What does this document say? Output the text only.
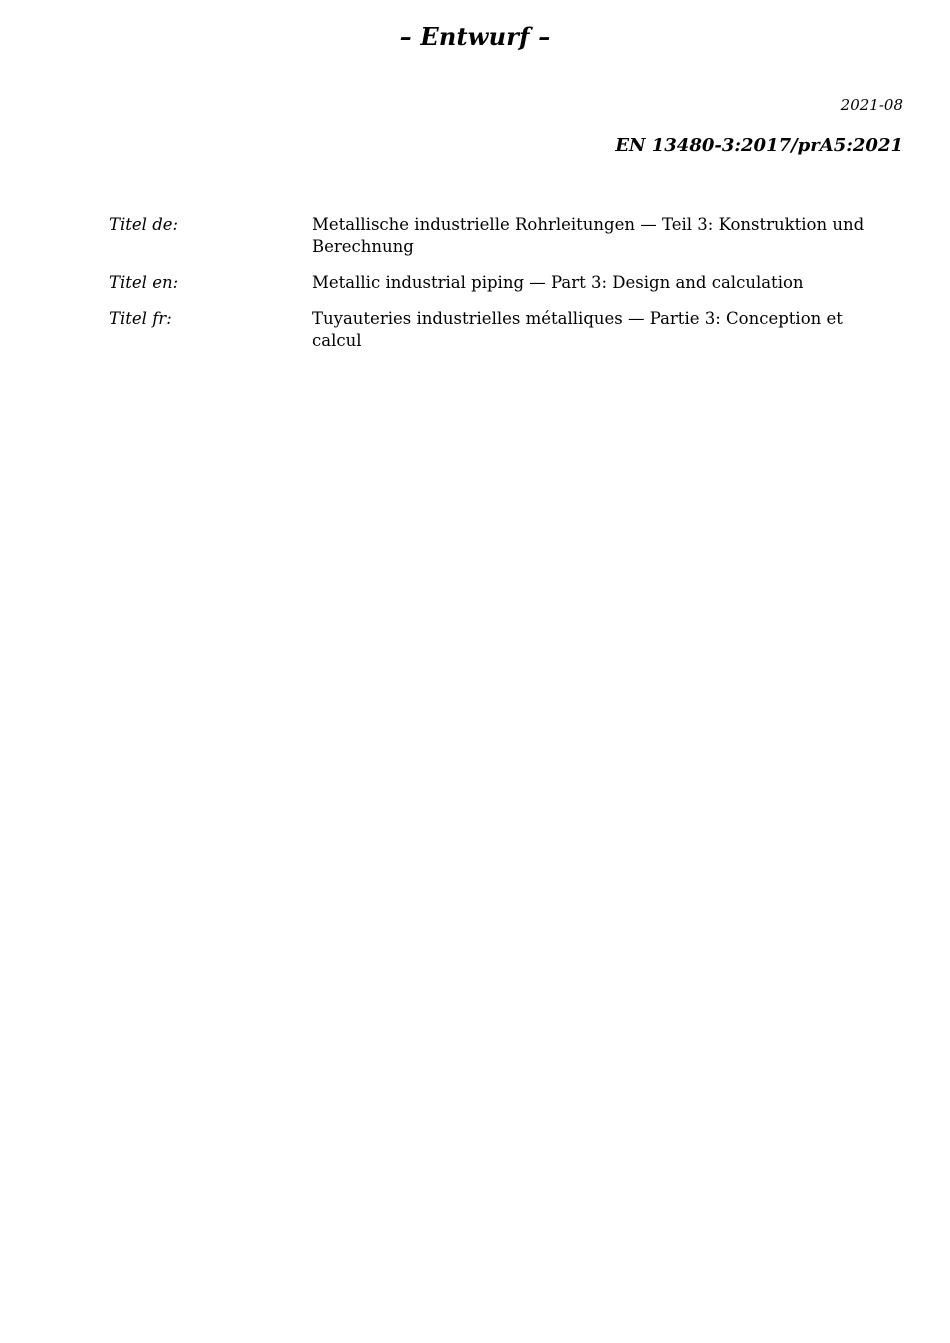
– Entwurf –
2021-08
EN 13480-3:2017/prA5:2021
Titel de:	Metallische industrielle Rohrleitungen — Teil 3: Konstruktion und Berechnung
Titel en:	Metallic industrial piping — Part 3: Design and calculation
Titel fr:	Tuyauteries industrielles métalliques — Partie 3: Conception et calcul
